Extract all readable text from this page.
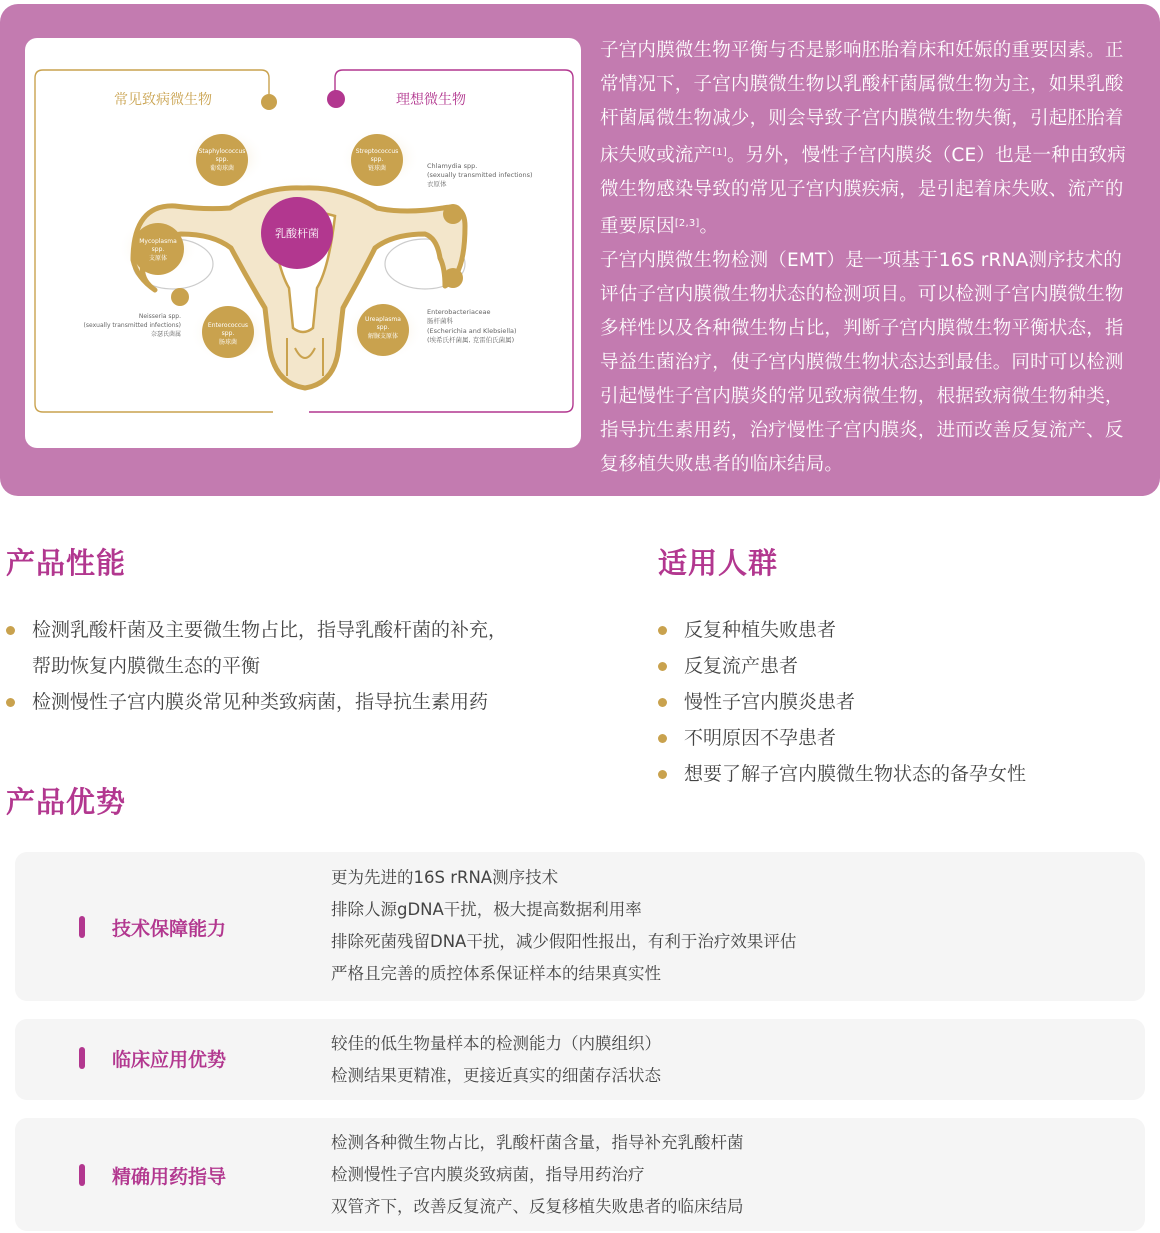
常见致病微生物	理想微生物
乳酸杆菌
Staphylococcus
spp.
葡萄球菌
Streptococcus
spp.
链球菌
Mycoplasma
spp.
支原体
Enterococcus
spp.
肠球菌
Ureaplasma
spp.
解脲支原体
Chlamydia spp.
(sexually transmitted infections)
衣原体
Neisseria spp.
(sexually transmitted infections)
奈瑟氏菌属
Enterobacteriaceae
肠杆菌科
(Escherichia and Klebsiella)
(埃希氏杆菌属, 克雷伯氏菌属)

子宫内膜微生物平衡与否是影响胚胎着床和妊娠的重要因素。正常情况下，子宫内膜微生物以乳酸杆菌属微生物为主，如果乳酸杆菌属微生物减少，则会导致子宫内膜微生物失衡，引起胚胎着床失败或流产[1]。另外，慢性子宫内膜炎（CE）也是一种由致病微生物感染导致的常见子宫内膜疾病，是引起着床失败、流产的重要原因[2,3]。

子宫内膜微生物检测（EMT）是一项基于16S rRNA测序技术的评估子宫内膜微生物状态的检测项目。可以检测子宫内膜微生物多样性以及各种微生物占比，判断子宫内膜微生物平衡状态，指导益生菌治疗，使子宫内膜微生物状态达到最佳。同时可以检测引起慢性子宫内膜炎的常见致病微生物，根据致病微生物种类，指导抗生素用药，治疗慢性子宫内膜炎，进而改善反复流产、反复移植失败患者的临床结局。

产品性能
检测乳酸杆菌及主要微生物占比，指导乳酸杆菌的补充，
帮助恢复内膜微生态的平衡
检测慢性子宫内膜炎常见种类致病菌，指导抗生素用药
适用人群
反复种植失败患者
反复流产患者
慢性子宫内膜炎患者
不明原因不孕患者
想要了解子宫内膜微生物状态的备孕女性
产品优势
技术保障能力
更为先进的16S rRNA测序技术
排除人源gDNA干扰，极大提高数据利用率
排除死菌残留DNA干扰，减少假阳性报出，有利于治疗效果评估
严格且完善的质控体系保证样本的结果真实性
临床应用优势
较佳的低生物量样本的检测能力（内膜组织）
检测结果更精准，更接近真实的细菌存活状态
精确用药指导
检测各种微生物占比，乳酸杆菌含量，指导补充乳酸杆菌
检测慢性子宫内膜炎致病菌，指导用药治疗
双管齐下，改善反复流产、反复移植失败患者的临床结局
